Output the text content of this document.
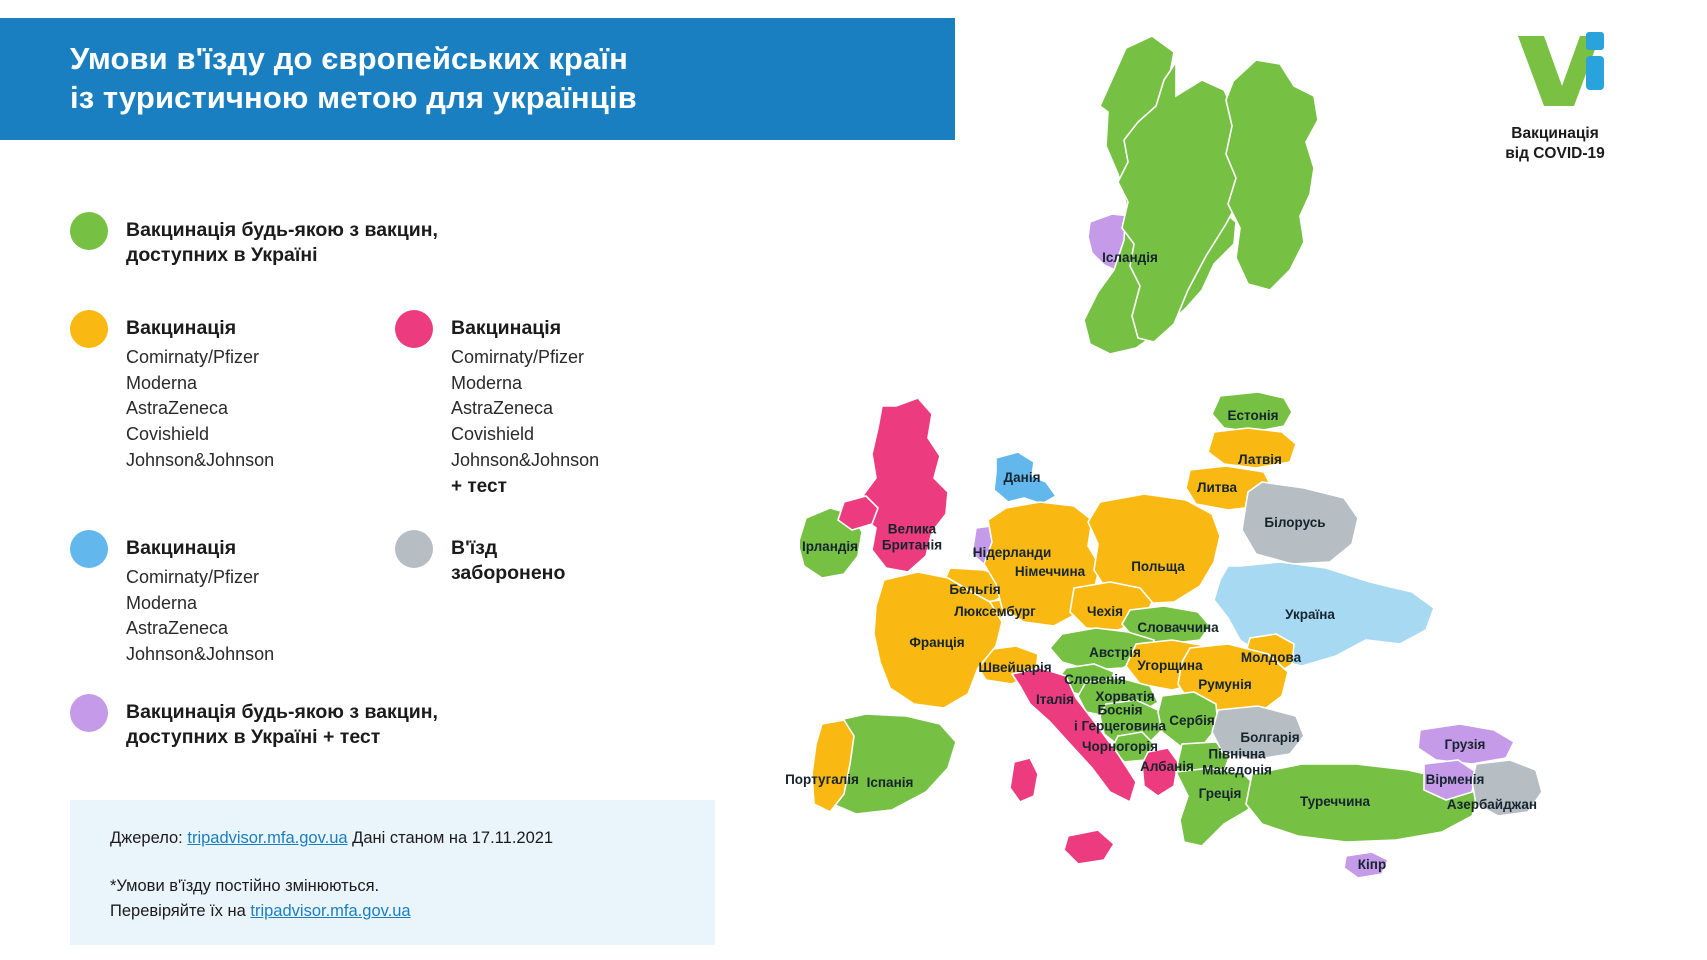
Умови в'їзду до європейських країн
із туристичною метою для українців
Вакцинація
від COVID-19
Вакцинація будь-якою з вакцин,
доступних в Україні
Вакцинація
Comirnaty/Pfizer
Moderna
AstraZeneca
Covishield
Johnson&Johnson
Вакцинація
Comirnaty/Pfizer
Moderna
AstraZeneca
Covishield
Johnson&Johnson
+ тест
Вакцинація
Comirnaty/Pfizer
Moderna
AstraZeneca
Johnson&Johnson
В'їзд
заборонено
Вакцинація будь-якою з вакцин,
доступних в Україні + тест
Джерело: tripadvisor.mfa.gov.ua Дані станом на 17.11.2021
*Умови в'їзду постійно змінюються.
Перевіряйте їх на tripadvisor.mfa.gov.ua
Ісландія
Норвегія
Швеція
Фінляндія
Естонія
Латвія
Литва
Білорусь
Данія
Ірландія
Велика
Британія
Нідерланди
Бельгія
Люксембург
Німеччина	Польща
Чехія
Словаччина
Україна
Франція
Швейцарія
Австрія
Угорщина
Молдова
Румунія
Словенія
Хорватія
Італія
Боснія
і Герцеговина Сербія
Чорногорія
Болгарія
Північна
Македонія
Албанія
Греція
Туреччина
Грузія
Вірменія
Азербайджан
Кіпр
Португалія Іспанія
